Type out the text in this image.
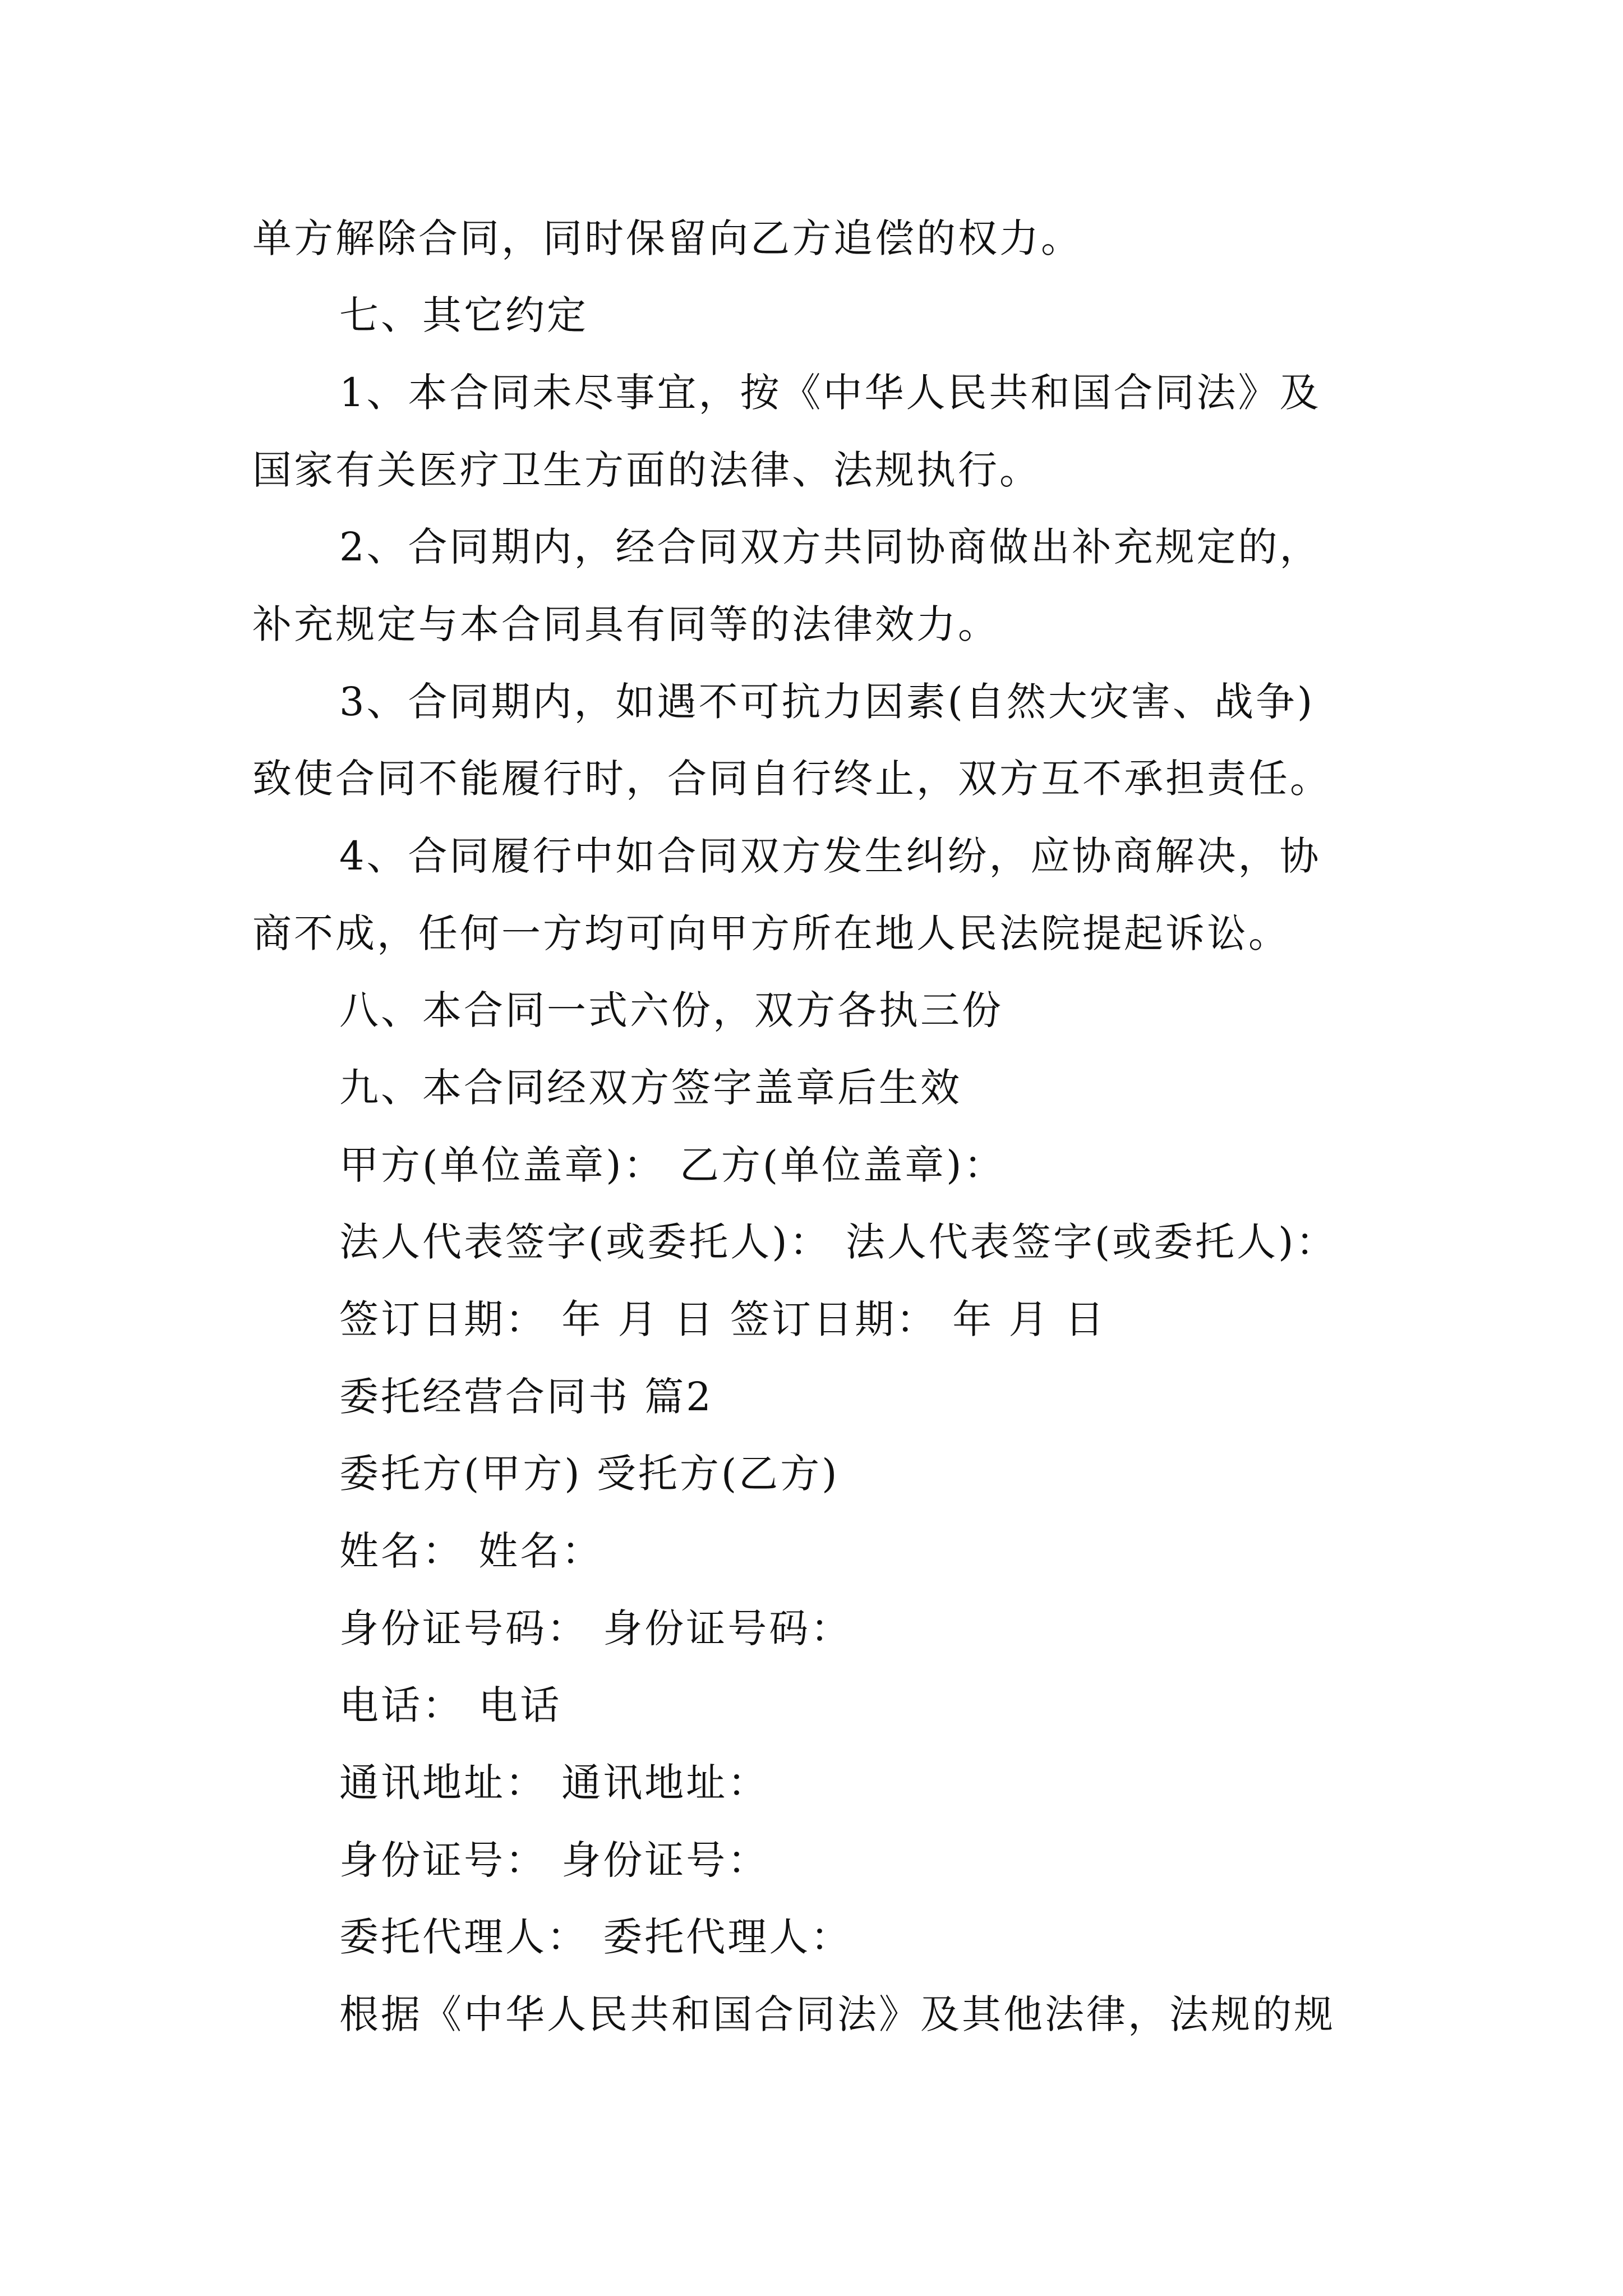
单方解除合同，同时保留向乙方追偿的权力。
七、其它约定
1、本合同未尽事宜，按《中华人民共和国合同法》及
国家有关医疗卫生方面的法律、法规执行。
2、合同期内，经合同双方共同协商做出补充规定的，
补充规定与本合同具有同等的法律效力。
3、合同期内，如遇不可抗力因素(自然大灾害、战争)
致使合同不能履行时，合同自行终止，双方互不承担责任。
4、合同履行中如合同双方发生纠纷，应协商解决，协
商不成，任何一方均可向甲方所在地人民法院提起诉讼。
八、本合同一式六份，双方各执三份
九、本合同经双方签字盖章后生效
甲方(单位盖章)： 乙方(单位盖章)：
法人代表签字(或委托人)： 法人代表签字(或委托人)：
签订日期： 年 月 日 签订日期： 年 月 日
委托经营合同书 篇2
委托方(甲方) 受托方(乙方)
姓名： 姓名：
身份证号码： 身份证号码：
电话： 电话
通讯地址： 通讯地址：
身份证号： 身份证号：
委托代理人： 委托代理人：
根据《中华人民共和国合同法》及其他法律，法规的规
